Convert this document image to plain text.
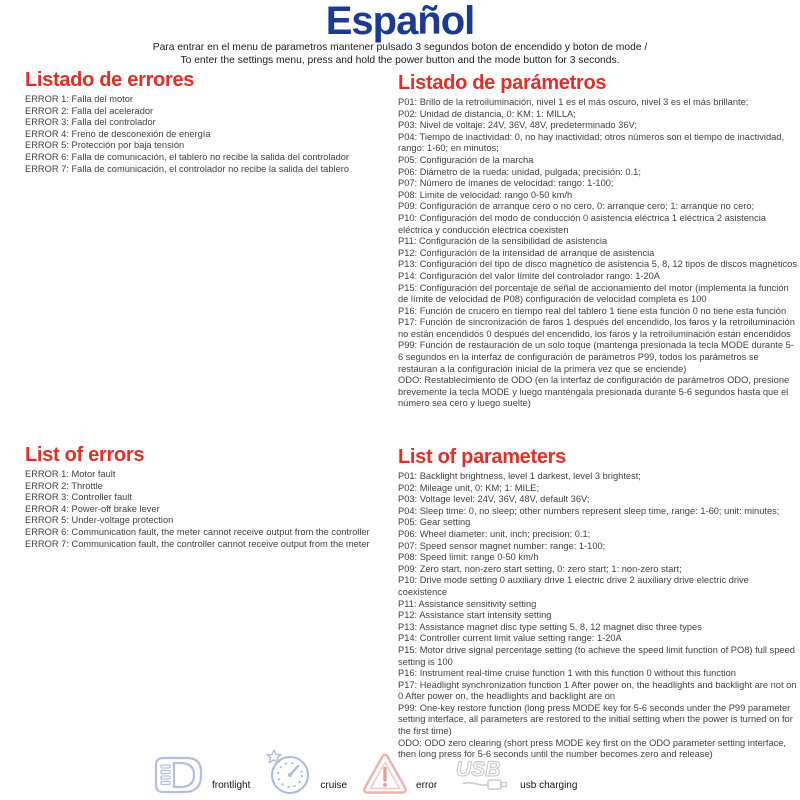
Español
Para entrar en el menu de parametros mantener pulsado 3 segundos boton de encendido y boton de mode /
To enter the settings menu, press and hold the power button and the mode button for 3 seconds.
Listado de errores
ERROR 1: Falla del motor
ERROR 2: Falla del acelerador
ERROR 3: Falla del controlador
ERROR 4: Freno de desconexión de energía
ERROR 5: Protección por baja tensión
ERROR 6: Falla de comunicación, el tablero no recibe la salida del controlador
ERROR 7: Falla de comunicación, el controlador no recibe la salida del tablero
Listado de parámetros
P01: Brillo de la retroiluminación, nivel 1 es el más oscuro, nivel 3 es el más brillante;
P02: Unidad de distancia, 0: KM; 1: MILLA;
P03: Nivel de voltaje: 24V, 36V, 48V, predeterminado 36V;
P04: Tiempo de inactividad: 0, no hay inactividad; otros números son el tiempo de inactividad, rango: 1-60; en minutos;
P05: Configuración de la marcha
P06: Diámetro de la rueda: unidad, pulgada; precisión: 0.1;
P07: Número de imanes de velocidad: rango: 1-100;
P08: Limite de velocidad: rango 0-50 km/h
P09: Configuración de arranque cero o no cero, 0: arranque cero; 1: arranque no cero;
P10: Configuración del modo de conducción 0 asistencia eléctrica 1 eléctrica 2 asistencia eléctrica y conducción eléctrica coexisten
P11: Configuración de la sensibilidad de asistencia
P12: Configuración de la intensidad de arranque de asistencia
P13: Configuración del tipo de disco magnético de asistencia 5, 8, 12 tipos de discos magnéticos
P14: Configuración del valor límite del controlador rango: 1-20A
P15: Configuración del porcentaje de señal de accionamiento del motor (implementa la función de límite de velocidad de P08) configuración de velocidad completa es 100
P16: Función de crucero en tiempo real del tablero 1 tiene esta función 0 no tiene esta función
P17: Función de sincronización de faros 1 después del encendido, los faros y la retroiluminación no están encendidos 0 después del encendido, los faros y la retroiluminación están encendidos
P99: Función de restauración de un solo toque (mantenga presionada la tecla MODE durante 5-6 segundos en la interfaz de configuración de parámetros P99, todos los parámetros se restauran a la configuración inicial de la primera vez que se enciende)
ODO: Restablecimiento de ODO (en la interfaz de configuración de parámetros ODO, presione brevemente la tecla MODE y luego manténgala presionada durante 5-6 segundos hasta que el número sea cero y luego suelte)
List of errors
ERROR 1: Motor fault
ERROR 2: Throttle
ERROR 3: Controller fault
ERROR 4: Power-off brake lever
ERROR 5: Under-voltage protection
ERROR 6: Communication fault, the meter cannot receive output from the controller
ERROR 7: Communication fault, the controller cannot receive output from the meter
List of parameters
P01: Backlight brightness, level 1 darkest, level 3 brightest;
P02: Mileage unit, 0: KM; 1: MILE;
P03: Voltage level: 24V, 36V, 48V, default 36V;
P04: Sleep time: 0, no sleep; other numbers represent sleep time, range: 1-60; unit: minutes;
P05: Gear setting
P06: Wheel diameter: unit, inch; precision: 0.1;
P07: Speed sensor magnet number: range: 1-100;
P08: Speed limit: range 0-50 km/h
P09: Zero start, non-zero start setting, 0: zero start; 1: non-zero start;
P10: Drive mode setting 0 auxiliary drive 1 electric drive 2 auxiliary drive electric drive coexistence
P11: Assistance sensitivity setting
P12: Assistance start intensity setting
P13: Assistance magnet disc type setting 5, 8, 12 magnet disc three types
P14: Controller current limit value setting range: 1-20A
P15: Motor drive signal percentage setting (to achieve the speed limit function of PO8) full speed setting is 100
P16: Instrument real-time cruise function 1 with this function 0 without this function
P17: Headlight synchronization function 1 After power on, the headlights and backlight are not on 0 After power on, the headlights and backlight are on
P99: One-key restore function (long press MODE key for 5-6 seconds under the P99 parameter setting interface, all parameters are restored to the initial setting when the power is turned on for the first time)
ODO: ODO zero clearing (short press MODE key first on the ODO parameter setting interface, then long press for 5-6 seconds until the number becomes zero and release)
frontlight	cruise	error
USB
usb charging
